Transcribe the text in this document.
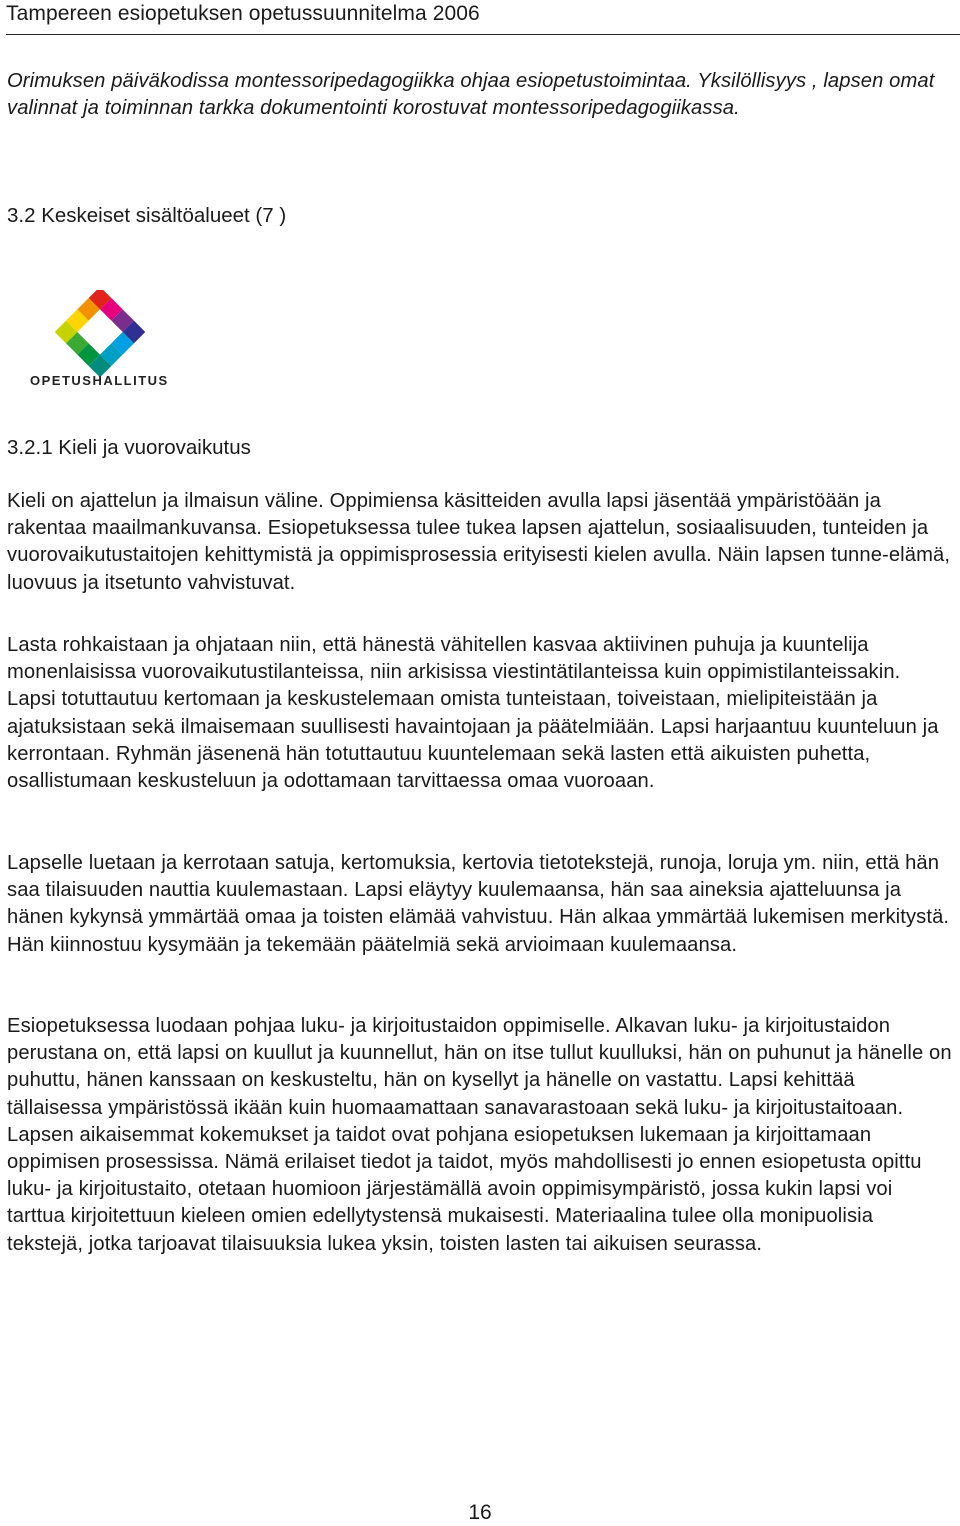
Tampereen esiopetuksen opetussuunnitelma 2006

Orimuksen päiväkodissa montessoripedagogiikka ohjaa esiopetustoimintaa. Yksilöllisyys , lapsen omat valinnat ja toiminnan tarkka dokumentointi korostuvat montessoripedagogiikassa.

3.2 Keskeiset sisältöalueet (7 )
OPETUSHALLITUS
3.2.1 Kieli ja vuorovaikutus

Kieli on ajattelun ja ilmaisun väline. Oppimiensa käsitteiden avulla lapsi jäsentää ympäristöään ja rakentaa maailmankuvansa. Esiopetuksessa tulee tukea lapsen ajattelun, sosiaalisuuden, tunteiden ja vuorovaikutustaitojen kehittymistä ja oppimisprosessia erityisesti kielen avulla. Näin lapsen tunne-elämä, luovuus ja itsetunto vahvistuvat.

Lasta rohkaistaan ja ohjataan niin, että hänestä vähitellen kasvaa aktiivinen puhuja ja kuuntelija monenlaisissa vuorovaikutustilanteissa, niin arkisissa viestintätilanteissa kuin oppimistilanteissakin. Lapsi totuttautuu kertomaan ja keskustelemaan omista tunteistaan, toiveistaan, mielipiteistään ja ajatuksistaan sekä ilmaisemaan suullisesti havaintojaan ja päätelmiään. Lapsi harjaantuu kuunteluun ja kerrontaan. Ryhmän jäsenenä hän totuttautuu kuuntelemaan sekä lasten että aikuisten puhetta, osallistumaan keskusteluun ja odottamaan tarvittaessa omaa vuoroaan.

Lapselle luetaan ja kerrotaan satuja, kertomuksia, kertovia tietotekstejä, runoja, loruja ym. niin, että hän saa tilaisuuden nauttia kuulemastaan. Lapsi eläytyy kuulemaansa, hän saa aineksia ajatteluunsa ja hänen kykynsä ymmärtää omaa ja toisten elämää vahvistuu. Hän alkaa ymmärtää lukemisen merkitystä. Hän kiinnostuu kysymään ja tekemään päätelmiä sekä arvioimaan kuulemaansa.

Esiopetuksessa luodaan pohjaa luku- ja kirjoitustaidon oppimiselle. Alkavan luku- ja kirjoitustaidon perustana on, että lapsi on kuullut ja kuunnellut, hän on itse tullut kuulluksi, hän on puhunut ja hänelle on puhuttu, hänen kanssaan on keskusteltu, hän on kysellyt ja hänelle on vastattu. Lapsi kehittää tällaisessa ympäristössä ikään kuin huomaamattaan sanavarastoaan sekä luku- ja kirjoitustaitoaan. Lapsen aikaisemmat kokemukset ja taidot ovat pohjana esiopetuksen lukemaan ja kirjoittamaan oppimisen prosessissa. Nämä erilaiset tiedot ja taidot, myös mahdollisesti jo ennen esiopetusta opittu luku- ja kirjoitustaito, otetaan huomioon järjestämällä avoin oppimisympäristö, jossa kukin lapsi voi tarttua kirjoitettuun kieleen omien edellytystensä mukaisesti. Materiaalina tulee olla monipuolisia tekstejä, jotka tarjoavat tilaisuuksia lukea yksin, toisten lasten tai aikuisen seurassa.

16
